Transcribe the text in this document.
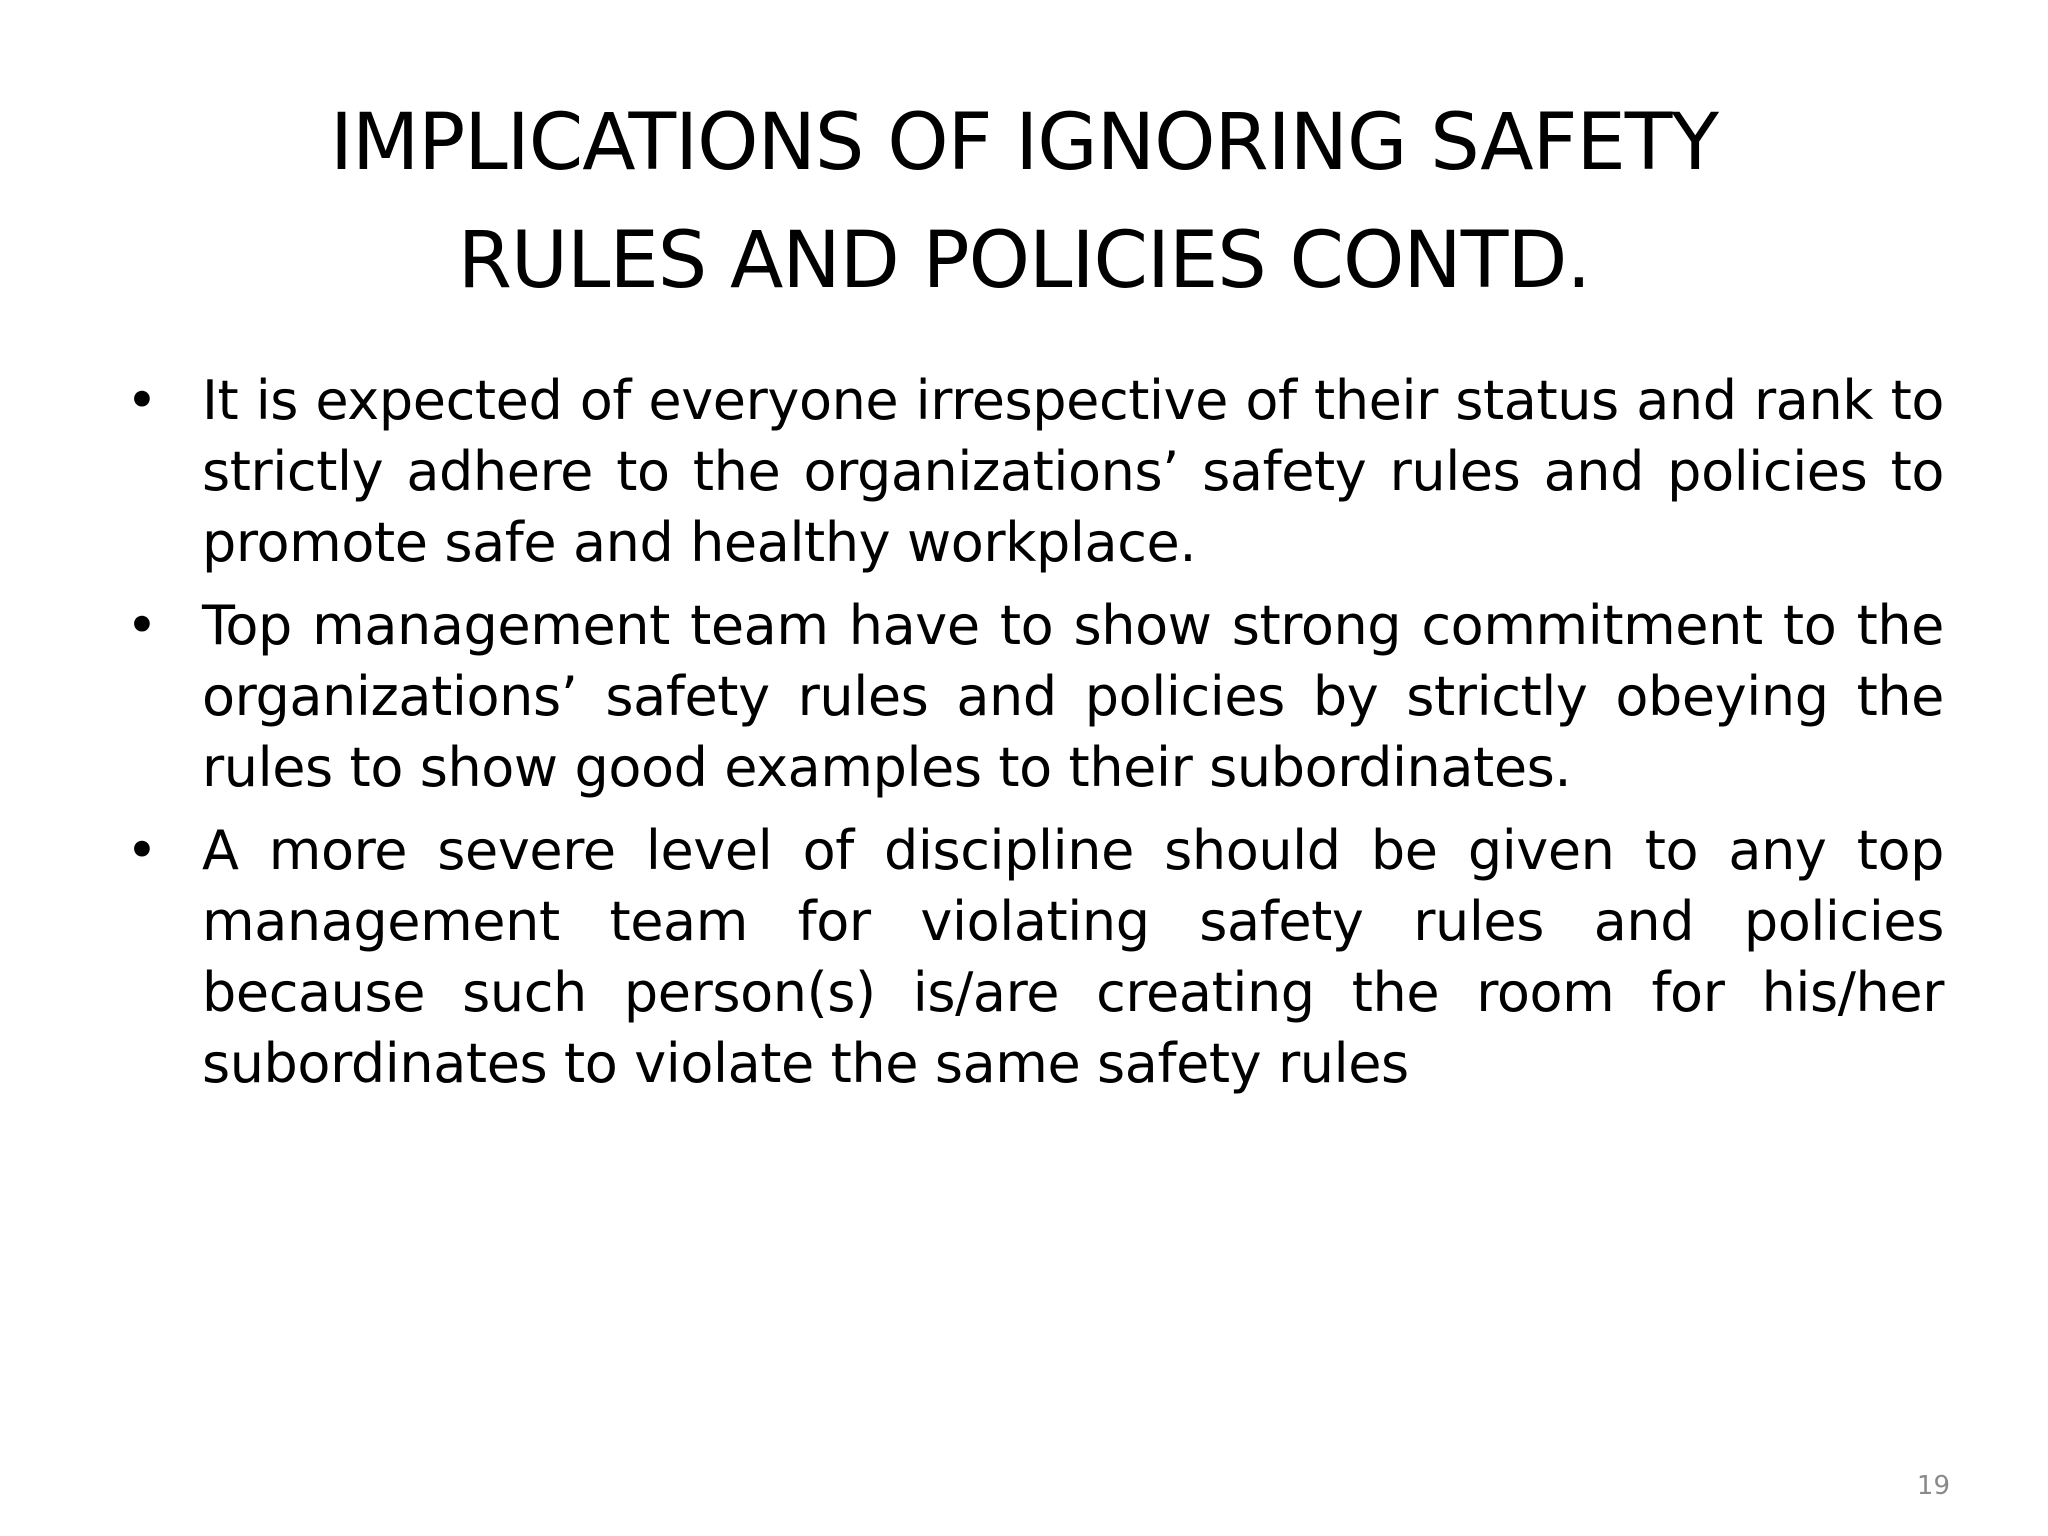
IMPLICATIONS OF IGNORING SAFETY
RULES AND POLICIES CONTD.
• It is expected of everyone irrespective of their status and rank to strictly adhere to the organizations’ safety rules and policies to promote safe and healthy workplace.
• Top management team have to show strong commitment to the organizations’ safety rules and policies by strictly obeying the rules to show good examples to their subordinates.
• A more severe level of discipline should be given to any top management team for violating safety rules and policies because such person(s) is/are creating the room for his/her subordinates to violate the same safety rules
19
